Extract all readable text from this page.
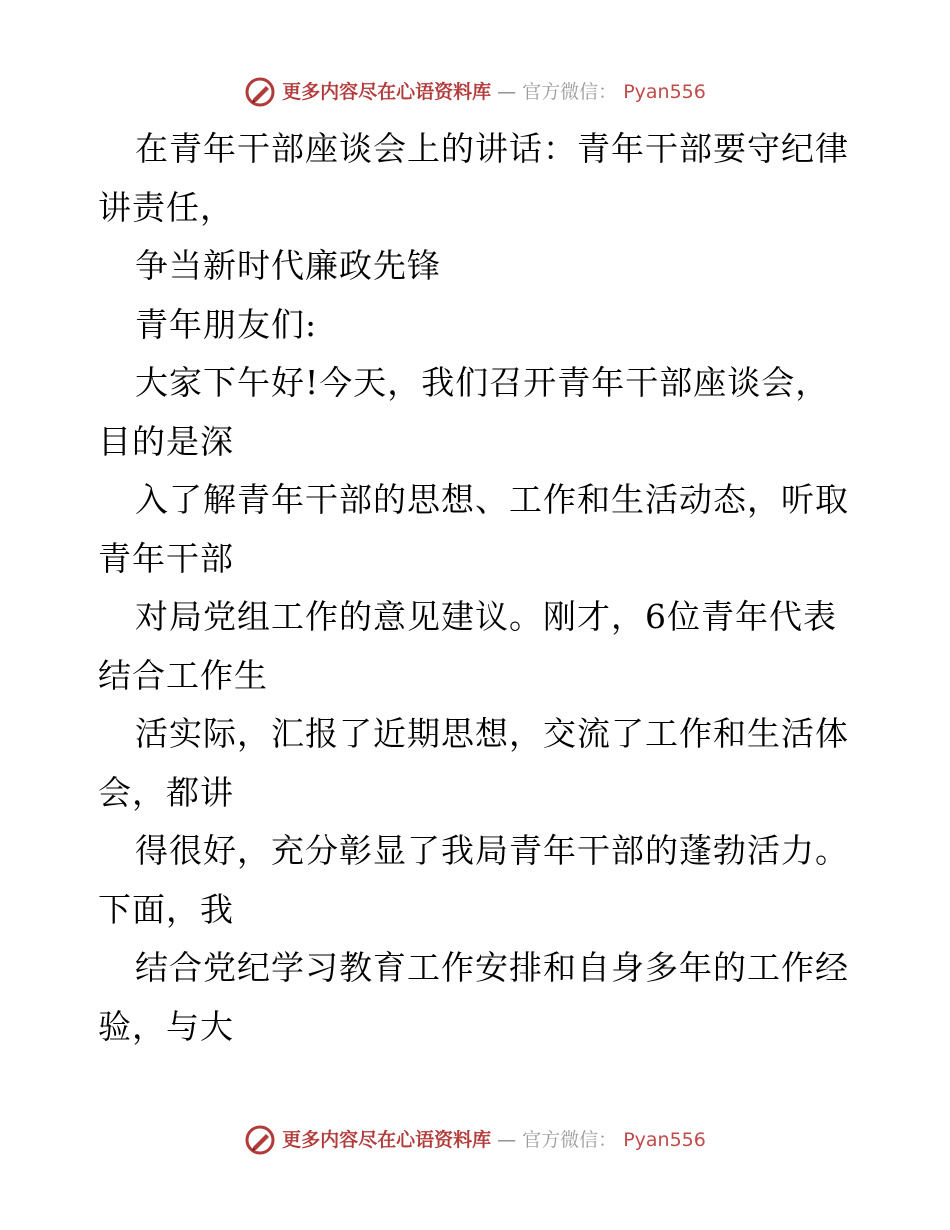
更多内容尽在心语资料库 — 官方微信： Pyan556
在青年干部座谈会上的讲话：青年干部要守纪律
讲责任，
争当新时代廉政先锋
青年朋友们:
大家下午好!今天，我们召开青年干部座谈会，
目的是深
入了解青年干部的思想、工作和生活动态，听取
青年干部
对局党组工作的意见建议。刚才，6位青年代表
结合工作生
活实际，汇报了近期思想，交流了工作和生活体
会，都讲
得很好，充分彰显了我局青年干部的蓬勃活力。
下面，我
结合党纪学习教育工作安排和自身多年的工作经
验，与大
更多内容尽在心语资料库 — 官方微信： Pyan556
